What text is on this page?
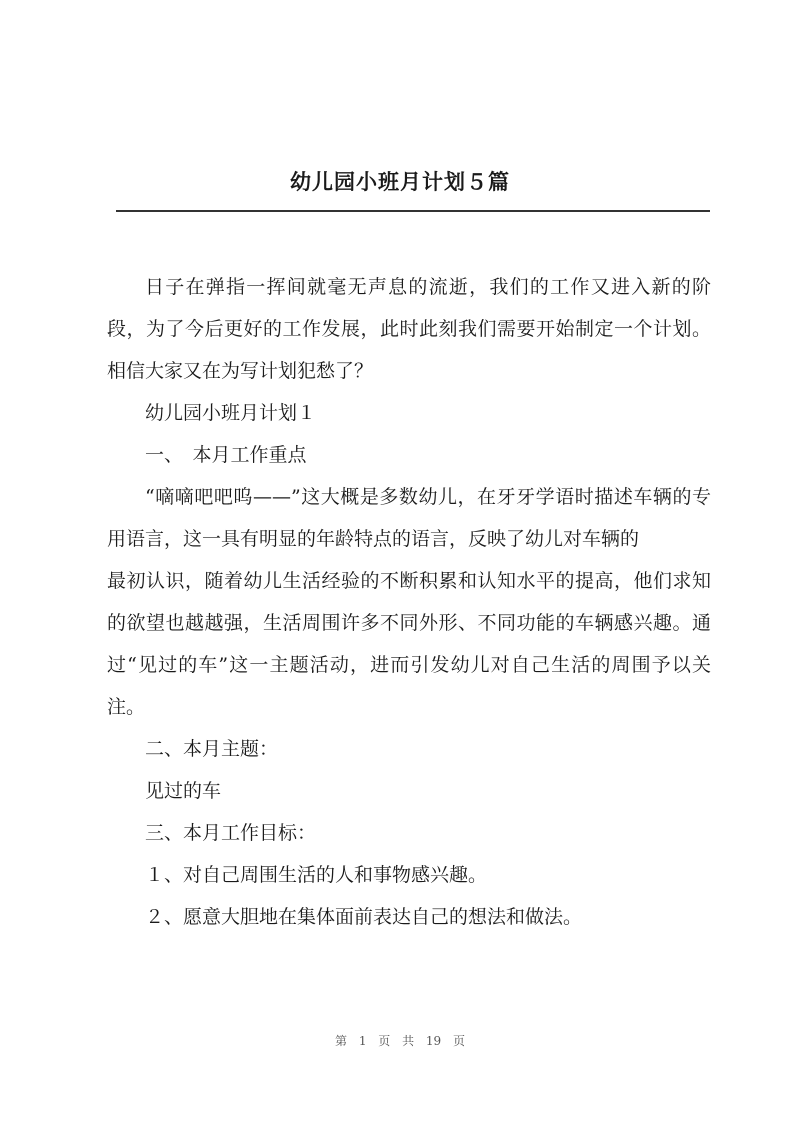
幼儿园小班月计划５篇

日子在弹指一挥间就毫无声息的流逝，我们的工作又进入新的阶段，为了今后更好的工作发展，此时此刻我们需要开始制定一个计划。相信大家又在为写计划犯愁了？

幼儿园小班月计划１

一、　本月工作重点

“嘀嘀吧吧呜——”这大概是多数幼儿，在牙牙学语时描述车辆的专用语言，这一具有明显的年龄特点的语言，反映了幼儿对车辆的

最初认识，随着幼儿生活经验的不断积累和认知水平的提高，他们求知的欲望也越越强，生活周围许多不同外形、不同功能的车辆感兴趣。通过“见过的车”这一主题活动，进而引发幼儿对自己生活的周围予以关注。

二、本月主题：

见过的车

三、本月工作目标：

１、对自己周围生活的人和事物感兴趣。

２、愿意大胆地在集体面前表达自己的想法和做法。

第 1 页 共 19 页
